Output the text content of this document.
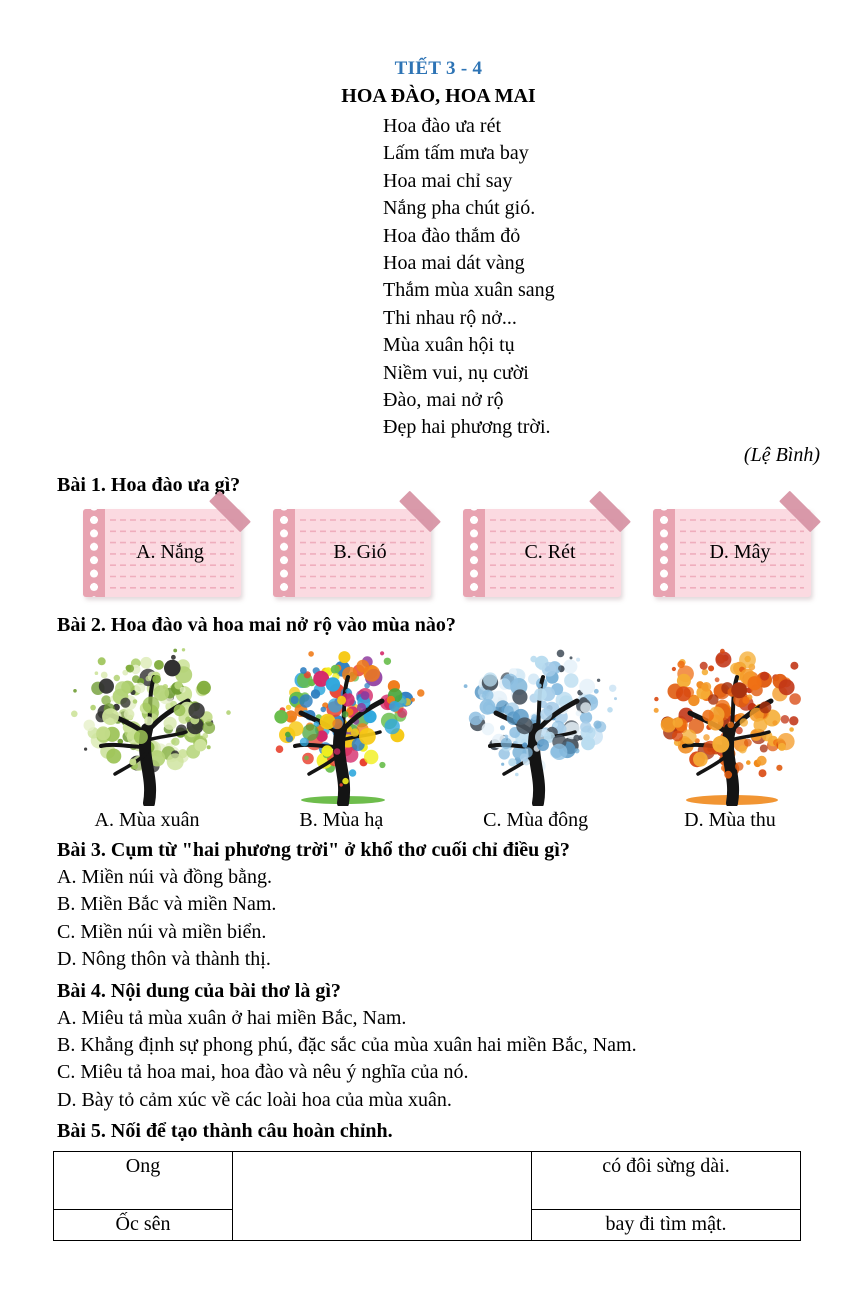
TIẾT 3 - 4
HOA ĐÀO, HOA MAI
Hoa đào ưa rét
Lấm tấm mưa bay
Hoa mai chỉ say
Nắng pha chút gió.
Hoa đào thắm đỏ
Hoa mai dát vàng
Thắm mùa xuân sang
Thi nhau rộ nở...
Mùa xuân hội tụ
Niềm vui, nụ cười
Đào, mai nở rộ
Đẹp hai phương trời.
(Lệ Bình)
Bài 1. Hoa đào ưa gì?
A. Nắng	B. Gió	C. Rét	D. Mây
Bài 2. Hoa đào và hoa mai nở rộ vào mùa nào?
A. Mùa xuân	B. Mùa hạ	C. Mùa đông	D. Mùa thu
Bài 3. Cụm từ "hai phương trời" ở khổ thơ cuối chỉ điều gì?
A. Miền núi và đồng bằng.
B. Miền Bắc và miền Nam.
C. Miền núi và miền biển.
D. Nông thôn và thành thị.
Bài 4. Nội dung của bài thơ là gì?
A. Miêu tả mùa xuân ở hai miền Bắc, Nam.
B. Khẳng định sự phong phú, đặc sắc của mùa xuân hai miền Bắc, Nam.
C. Miêu tả hoa mai, hoa đào và nêu ý nghĩa của nó.
D. Bày tỏ cảm xúc về các loài hoa của mùa xuân.
Bài 5. Nối để tạo thành câu hoàn chỉnh.
Ong		có đôi sừng dài.
Ốc sên		bay đi tìm mật.
